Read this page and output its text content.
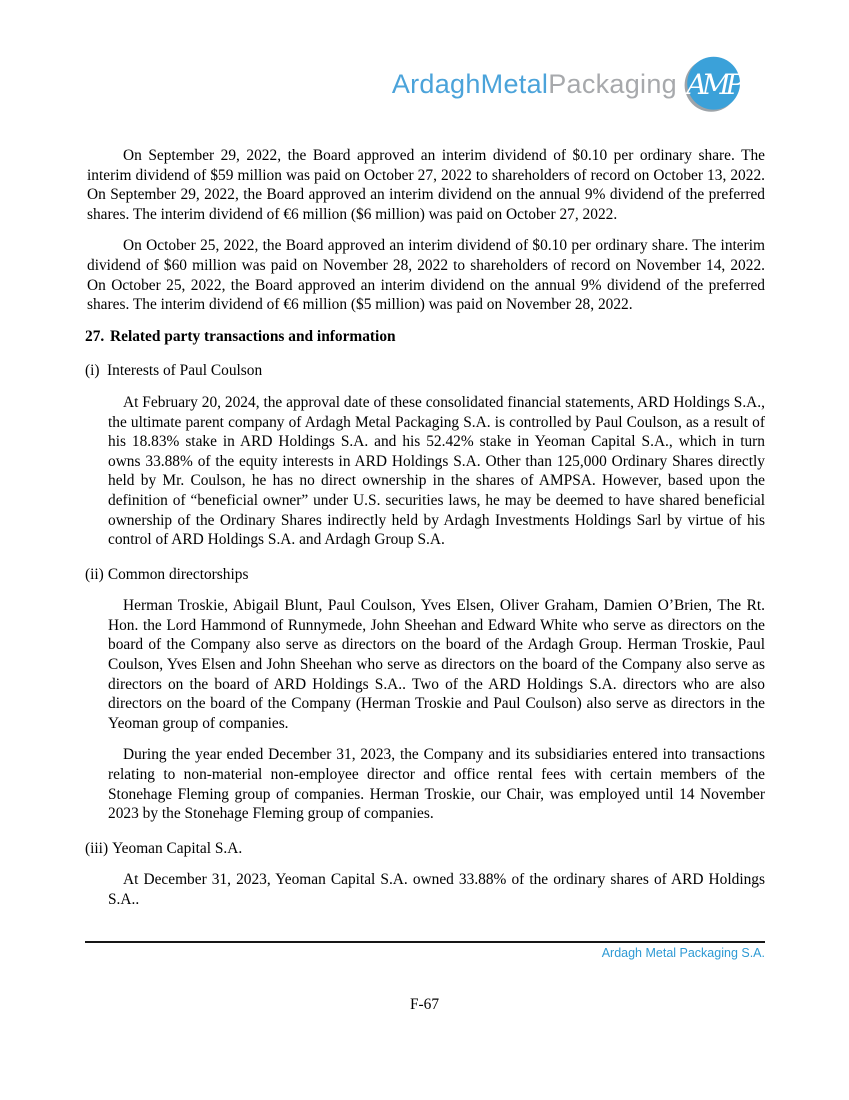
ArdaghMetalPackaging AMP

On September 29, 2022, the Board approved an interim dividend of $0.10 per ordinary share. The interim dividend of $59 million was paid on October 27, 2022 to shareholders of record on October 13, 2022. On September 29, 2022, the Board approved an interim dividend on the annual 9% dividend of the preferred shares. The interim dividend of €6 million ($6 million) was paid on October 27, 2022.

On October 25, 2022, the Board approved an interim dividend of $0.10 per ordinary share. The interim dividend of $60 million was paid on November 28, 2022 to shareholders of record on November 14, 2022. On October 25, 2022, the Board approved an interim dividend on the annual 9% dividend of the preferred shares. The interim dividend of €6 million ($5 million) was paid on November 28, 2022.

27. Related party transactions and information

(i) Interests of Paul Coulson

At February 20, 2024, the approval date of these consolidated financial statements, ARD Holdings S.A., the ultimate parent company of Ardagh Metal Packaging S.A. is controlled by Paul Coulson, as a result of his 18.83% stake in ARD Holdings S.A. and his 52.42% stake in Yeoman Capital S.A., which in turn owns 33.88% of the equity interests in ARD Holdings S.A. Other than 125,000 Ordinary Shares directly held by Mr. Coulson, he has no direct ownership in the shares of AMPSA. However, based upon the definition of “beneficial owner” under U.S. securities laws, he may be deemed to have shared beneficial ownership of the Ordinary Shares indirectly held by Ardagh Investments Holdings Sarl by virtue of his control of ARD Holdings S.A. and Ardagh Group S.A.

(ii) Common directorships

Herman Troskie, Abigail Blunt, Paul Coulson, Yves Elsen, Oliver Graham, Damien O’Brien, The Rt. Hon. the Lord Hammond of Runnymede, John Sheehan and Edward White who serve as directors on the board of the Company also serve as directors on the board of the Ardagh Group. Herman Troskie, Paul Coulson, Yves Elsen and John Sheehan who serve as directors on the board of the Company also serve as directors on the board of ARD Holdings S.A.. Two of the ARD Holdings S.A. directors who are also directors on the board of the Company (Herman Troskie and Paul Coulson) also serve as directors in the Yeoman group of companies.

During the year ended December 31, 2023, the Company and its subsidiaries entered into transactions relating to non-material non-employee director and office rental fees with certain members of the Stonehage Fleming group of companies. Herman Troskie, our Chair, was employed until 14 November 2023 by the Stonehage Fleming group of companies.

(iii) Yeoman Capital S.A.

At December 31, 2023, Yeoman Capital S.A. owned 33.88% of the ordinary shares of ARD Holdings S.A..

Ardagh Metal Packaging S.A.
F-67
